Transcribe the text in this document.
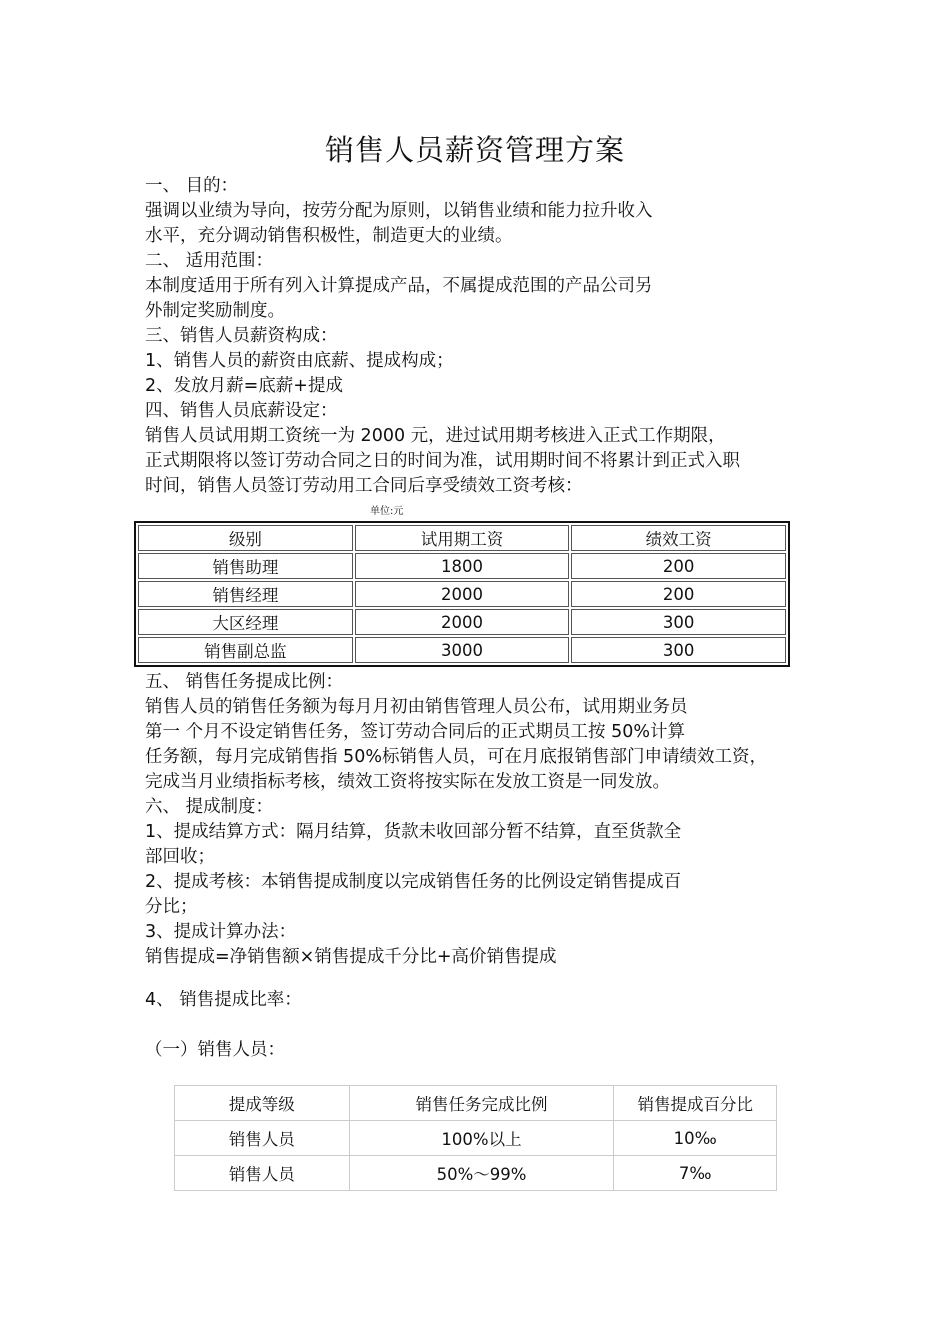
销售人员薪资管理方案
一、 目的：
强调以业绩为导向，按劳分配为原则，以销售业绩和能力拉升收入
水平，充分调动销售积极性，制造更大的业绩。
二、 适用范围：
本制度适用于所有列入计算提成产品，不属提成范围的产品公司另
外制定奖励制度。
三、销售人员薪资构成：
1、销售人员的薪资由底薪、提成构成；
2、发放月薪=底薪+提成
四、销售人员底薪设定：
销售人员试用期工资统一为 2000 元，进过试用期考核进入正式工作期限，
正式期限将以签订劳动合同之日的时间为准，试用期时间不将累计到正式入职
时间，销售人员签订劳动用工合同后享受绩效工资考核：
单位:元
级别	试用期工资	绩效工资
销售助理	1800	200
销售经理	2000	200
大区经理	2000	300
销售副总监	3000	300
五、 销售任务提成比例：
销售人员的销售任务额为每月月初由销售管理人员公布，试用期业务员
第一 个月不设定销售任务，签订劳动合同后的正式期员工按 50%计算
任务额，每月完成销售指 50%标销售人员，可在月底报销售部门申请绩效工资，
完成当月业绩指标考核，绩效工资将按实际在发放工资是一同发放。
六、 提成制度：
1、提成结算方式：隔月结算，货款未收回部分暂不结算，直至货款全
部回收；
2、提成考核：本销售提成制度以完成销售任务的比例设定销售提成百
分比；
3、提成计算办法：
销售提成=净销售额×销售提成千分比+高价销售提成
4、 销售提成比率：
（一）销售人员：
提成等级	销售任务完成比例	销售提成百分比
销售人员	100%以上	10‰
销售人员	50%～99%	7‰
